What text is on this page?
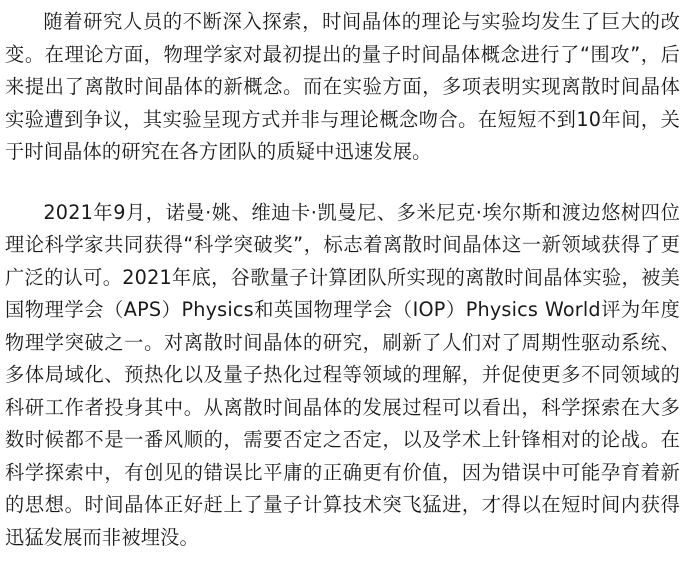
随着研究人员的不断深入探索，时间晶体的理论与实验均发生了巨大的改变。在理论方面，物理学家对最初提出的量子时间晶体概念进行了“围攻”，后来提出了离散时间晶体的新概念。而在实验方面，多项表明实现离散时间晶体实验遭到争议，其实验呈现方式并非与理论概念吻合。在短短不到10年间，关于时间晶体的研究在各方团队的质疑中迅速发展。

2021年9月，诺曼·姚、维迪卡·凯曼尼、多米尼克·埃尔斯和渡边悠树四位理论科学家共同获得“科学突破奖”，标志着离散时间晶体这一新领域获得了更广泛的认可。2021年底，谷歌量子计算团队所实现的离散时间晶体实验，被美国物理学会（APS）Physics和英国物理学会（IOP）Physics World评为年度物理学突破之一。对离散时间晶体的研究，刷新了人们对了周期性驱动系统、多体局域化、预热化以及量子热化过程等领域的理解，并促使更多不同领域的科研工作者投身其中。从离散时间晶体的发展过程可以看出，科学探索在大多数时候都不是一番风顺的，需要否定之否定，以及学术上针锋相对的论战。在科学探索中，有创见的错误比平庸的正确更有价值，因为错误中可能孕育着新的思想。时间晶体正好赶上了量子计算技术突飞猛进，才得以在短时间内获得迅猛发展而非被埋没。
